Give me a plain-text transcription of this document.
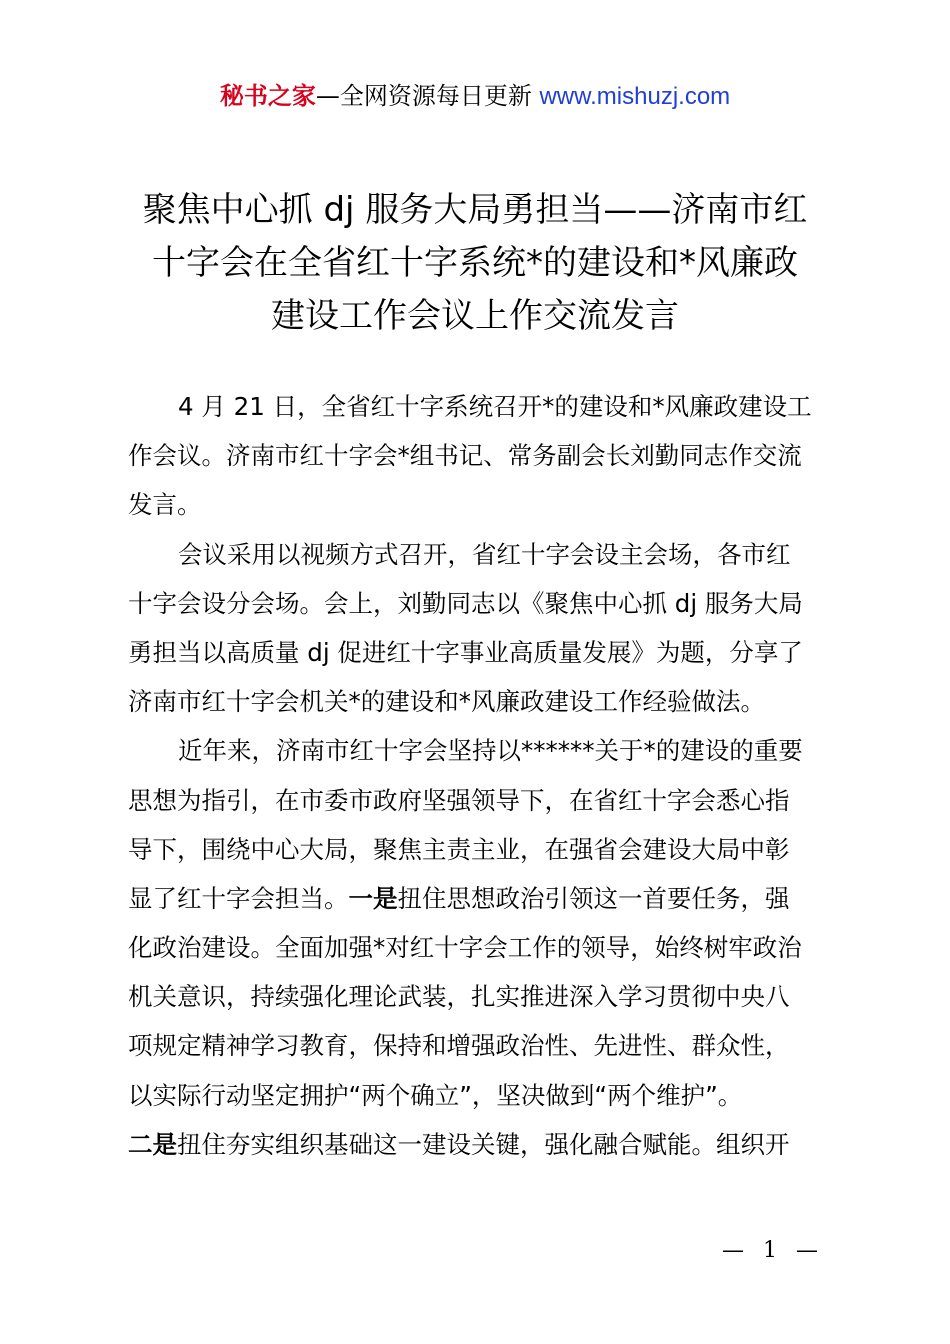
秘书之家—全网资源每日更新 www.mishuzj.com
聚焦中心抓 dj 服务大局勇担当——济南市红
十字会在全省红十字系统*的建设和*风廉政
建设工作会议上作交流发言
4 月 21 日，全省红十字系统召开*的建设和*风廉政建设工
作会议。济南市红十字会*组书记、常务副会长刘勤同志作交流
发言。
会议采用以视频方式召开，省红十字会设主会场，各市红
十字会设分会场。会上，刘勤同志以《聚焦中心抓 dj 服务大局
勇担当以高质量 dj 促进红十字事业高质量发展》为题，分享了
济南市红十字会机关*的建设和*风廉政建设工作经验做法。
近年来，济南市红十字会坚持以******关于*的建设的重要
思想为指引，在市委市政府坚强领导下，在省红十字会悉心指
导下，围绕中心大局，聚焦主责主业，在强省会建设大局中彰
显了红十字会担当。一是扭住思想政治引领这一首要任务，强
化政治建设。全面加强*对红十字会工作的领导，始终树牢政治
机关意识，持续强化理论武装，扎实推进深入学习贯彻中央八
项规定精神学习教育，保持和增强政治性、先进性、群众性，
以实际行动坚定拥护“两个确立”，坚决做到“两个维护”。
二是扭住夯实组织基础这一建设关键，强化融合赋能。组织开
— 1 —
